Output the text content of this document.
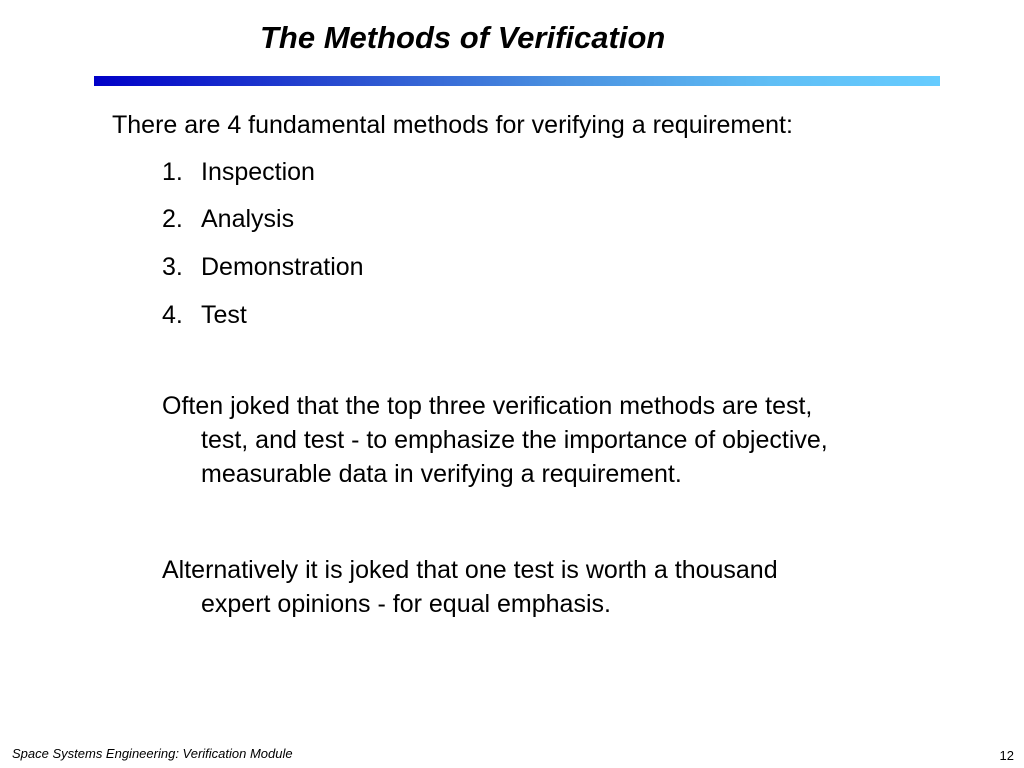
The Methods of Verification
There are 4 fundamental methods for verifying a requirement:
1. Inspection
2. Analysis
3. Demonstration
4. Test
Often joked that the top three verification methods are test,
test, and test - to emphasize the importance of objective,
measurable data in verifying a requirement.
Alternatively it is joked that one test is worth a thousand
expert opinions - for equal emphasis.
Space Systems Engineering: Verification Module	12
